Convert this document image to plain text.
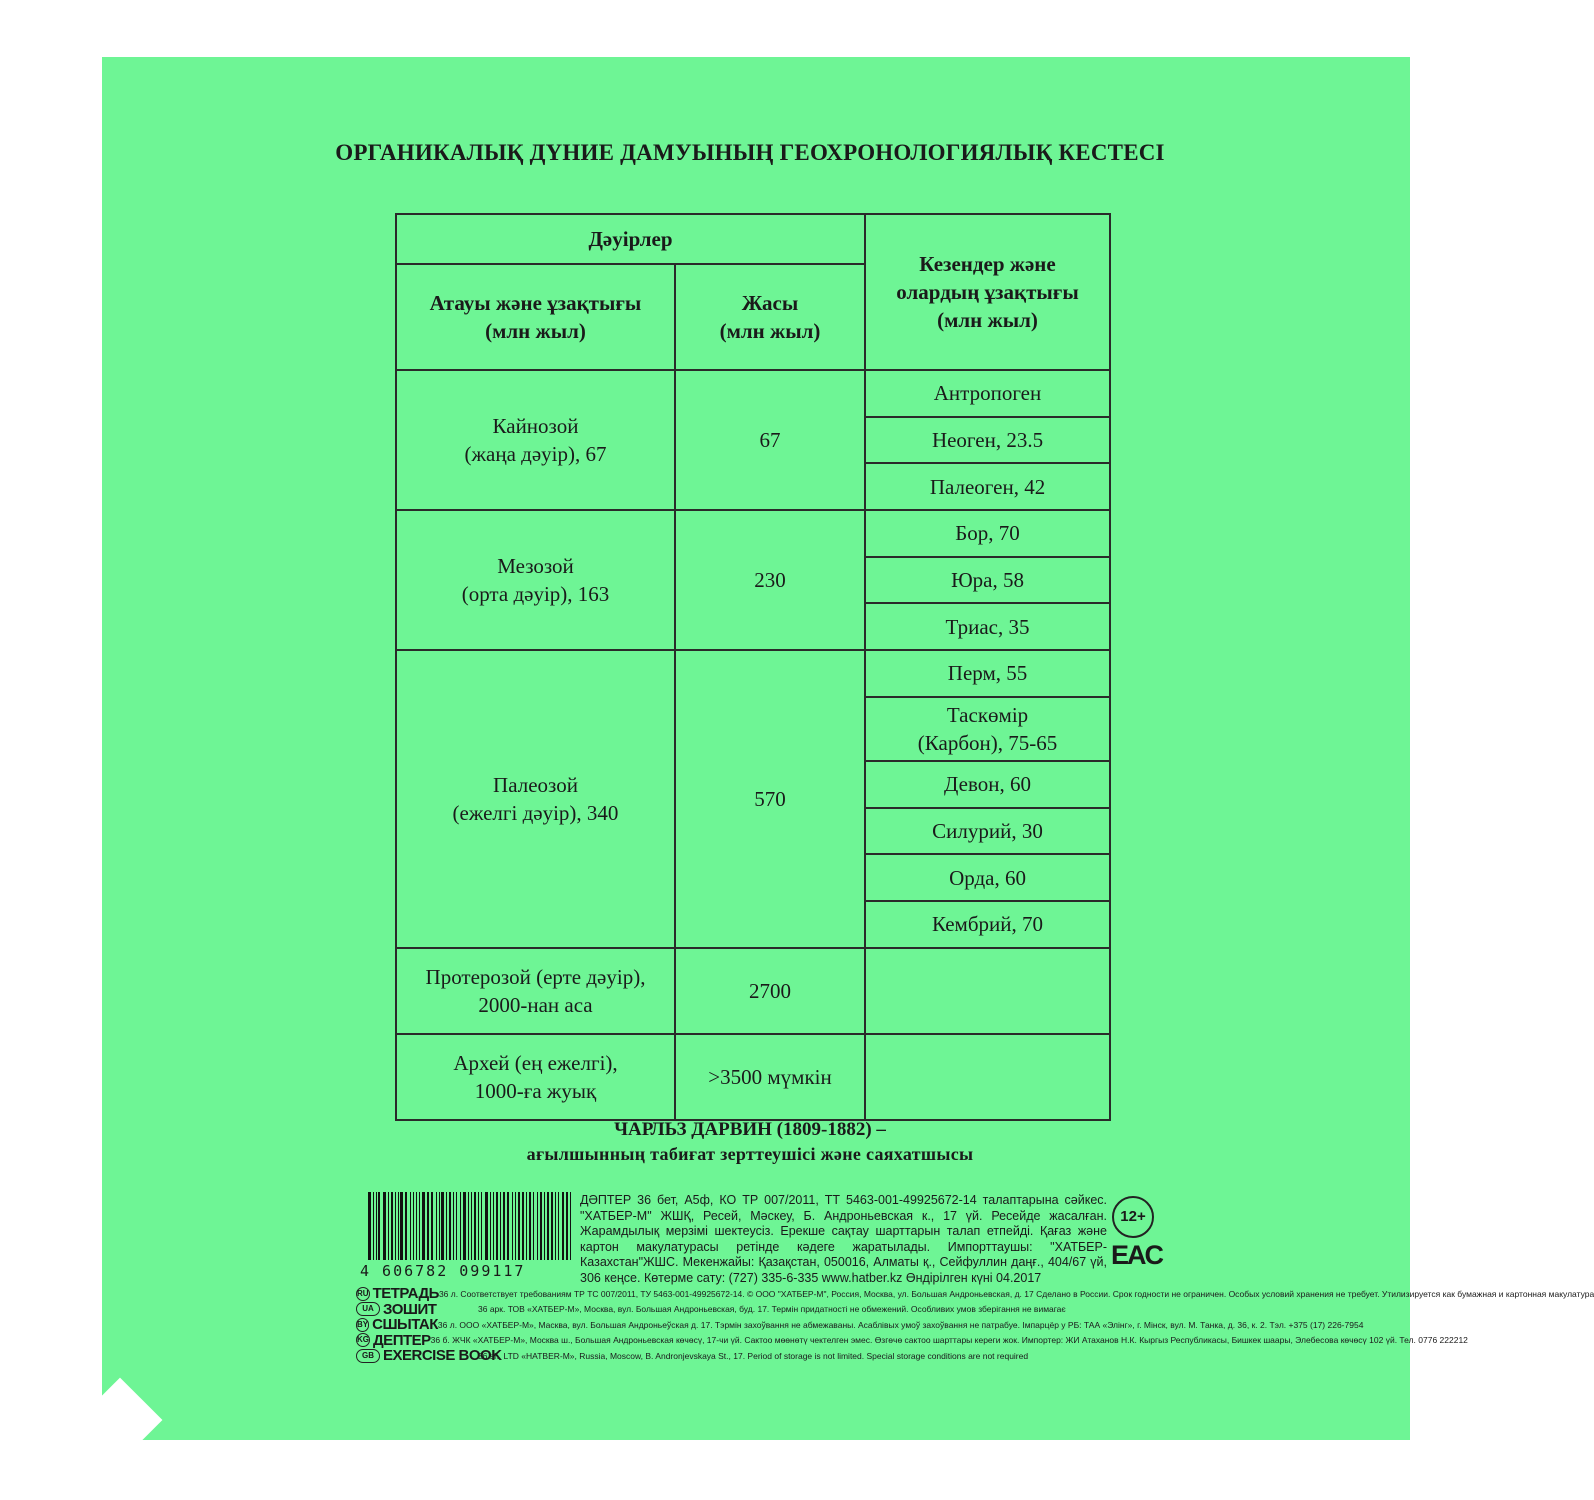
ОРГАНИКАЛЫҚ ДҮНИЕ ДАМУЫНЫҢ ГЕОХРОНОЛОГИЯЛЫҚ КЕСТЕСІ
Дәуірлер		Кезендер және
олардың ұзақтығы
(млн жыл)
Атауы және ұзақтығы
(млн жыл)	Жасы
(млн жыл)	
Кайнозой
(жаңа дәуір), 67	67	Антропоген
		Неоген, 23.5
		Палеоген, 42
Мезозой
(орта дәуір), 163	230	Бор, 70
		Юра, 58
		Триас, 35
Палеозой
(ежелгі дәуір), 340	570	Перм, 55
		Таскөмір
(Карбон), 75-65
		Девон, 60
		Силурий, 30
		Орда, 60
		Кембрий, 70
Протерозой (ерте дәуір),
2000-нан аса	2700	
Архей (ең ежелгі),
1000-ға жуық	>3500 мүмкін	
ЧАРЛЬЗ ДАРВИН (1809-1882) –
ағылшынның табиғат зерттеушісі және саяхатшысы
4 606782 099117
ДӘПТЕР 36 бет, А5ф, КО ТР 007/2011, ТТ 5463-001-49925672-14 талаптарына сәйкес. "ХАТБЕР-М" ЖШҚ, Ресей, Мәскеу, Б. Андроньевская к., 17 үй. Ресейде жасалған. Жарамдылық мерзімі шектеусіз. Ерекше сақтау шарттарын талап етпейді. Қағаз және картон макулатурасы ретінде кәдеге жаратылады. Импорттаушы: "ХАТБЕР-Казахстан"ЖШС. Мекенжайы: Қазақстан, 050016, Алматы қ., Сейфуллин даңғ., 404/67 үй, 306 кеңсе. Көтерме сату: (727) 335-6-335 www.hatber.kz Өндірілген күні 04.2017
12+
EAC
RU ТЕТРАДЬ 36 л. Соответствует требованиям ТР ТС 007/2011, ТУ 5463-001-49925672-14. © ООО "ХАТБЕР-М", Россия, Москва, ул. Большая Андроньевская, д. 17 Сделано в России. Срок годности не ограничен. Особых условий хранения не требует. Утилизируется как бумажная и картонная макулатура
UA ЗОШИТ	36 арк. ТОВ «ХАТБЕР-М», Москва, вул. Большая Андроньевская, буд. 17. Термін придатності не обмежений. Особливих умов зберігання не вимагає
BY СШЫТАК 36 л. ООО «ХАТБЕР-М», Масква, вул. Большая Андроньеўская д. 17. Тэрмін захоўвання не абмежаваны. Асаблівых умоў захоўвання не патрабуе. Імпарцёр у РБ: ТАА «Элінг», г. Мінск, вул. М. Танка, д. 36, к. 2. Тэл. +375 (17) 226-7954
KG ДЕПТЕР 36 б. ЖЧК «ХАТБЕР-М», Москва ш., Большая Андроньевская көчөсү, 17-чи үй. Сактоо мөөнөтү чектелген эмес. Өзгөчө сактоо шарттары кереги жок. Импортер: ЖИ Атаханов Н.К. Кыргыз Республикасы, Бишкек шаары, Элебесова көчөсү 102 үй. Тел. 0776 222212
GB EXERCISE BOOK
36 sh. LTD «HATBER-M», Russia, Moscow, B. Andronjevskaya St., 17. Period of storage is not limited. Special storage conditions are not required
